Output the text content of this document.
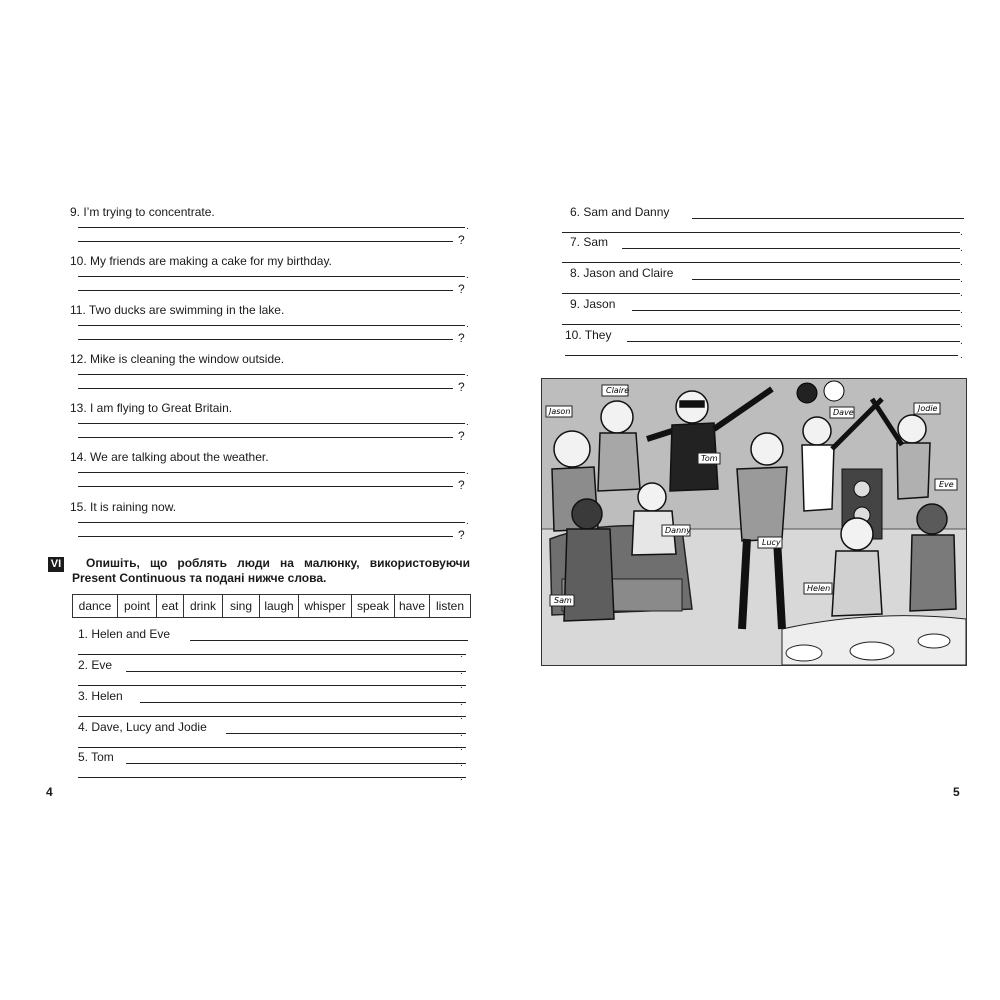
9. I’m trying to concentrate.
.
?
10. My friends are making a cake for my birthday.
.
?
11. Two ducks are swimming in the lake.
.
?
12. Mike is cleaning the window outside.
.
?
13. I am flying to Great Britain.
.
?
14. We are talking about the weather.
.
?
15. It is raining now.
.
?
VI Опишіть, що роблять люди на малюнку, використовуючи
Present Continuous та подані нижче слова.
dance	point eat drink	sing	laugh whisper speak have listen
1. Helen and Eve
.
2. Eve	.
.
3. Helen	.
.
4. Dave, Lucy and Jodie	.
.
5. Tom	.
.
4
6. Sam and Danny
.
7. Sam	.
.
8. Jason and Claire	.
.
9. Jason	.
.
10. They	.
.
Claire
Jason	Dave	Jodie
Tom
Eve
Danny
Lucy
Sam
Helen
5
